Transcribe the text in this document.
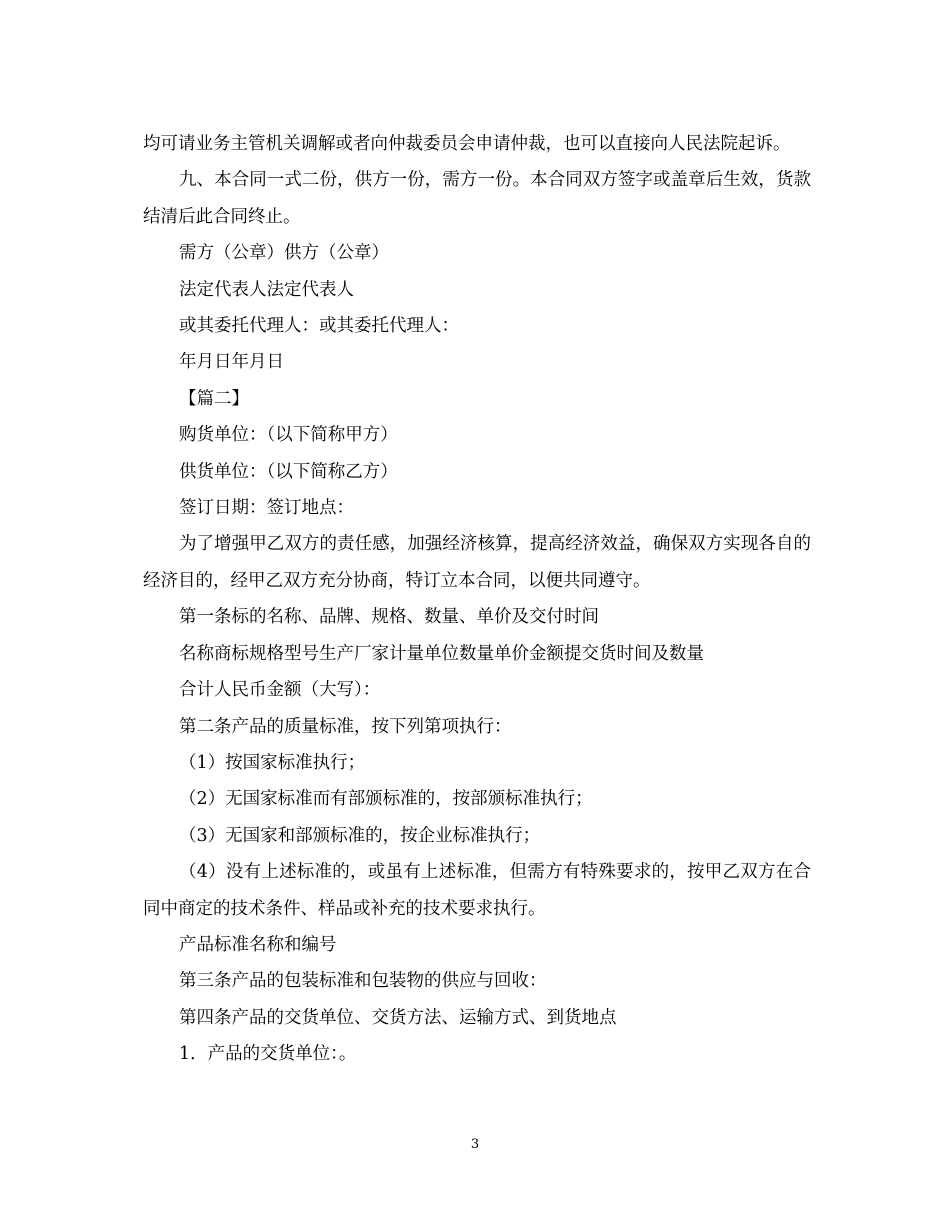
均可请业务主管机关调解或者向仲裁委员会申请仲裁，也可以直接向人民法院起诉。

九、本合同一式二份，供方一份，需方一份。本合同双方签字或盖章后生效，货款结清后此合同终止。

需方（公章）供方（公章）

法定代表人法定代表人

或其委托代理人：或其委托代理人：

年月日年月日

【篇二】

购货单位：（以下简称甲方）

供货单位：（以下简称乙方）

签订日期：签订地点：

为了增强甲乙双方的责任感，加强经济核算，提高经济效益，确保双方实现各自的经济目的，经甲乙双方充分协商，特订立本合同，以便共同遵守。

第一条标的名称、品牌、规格、数量、单价及交付时间

名称商标规格型号生产厂家计量单位数量单价金额提交货时间及数量

合计人民币金额（大写）：

第二条产品的质量标准，按下列第项执行：

（1）按国家标准执行；

（2）无国家标准而有部颁标准的，按部颁标准执行；

（3）无国家和部颁标准的，按企业标准执行；

（4）没有上述标准的，或虽有上述标准，但需方有特殊要求的，按甲乙双方在合同中商定的技术条件、样品或补充的技术要求执行。

产品标准名称和编号

第三条产品的包装标准和包装物的供应与回收：

第四条产品的交货单位、交货方法、运输方式、到货地点

1．产品的交货单位：。

3
